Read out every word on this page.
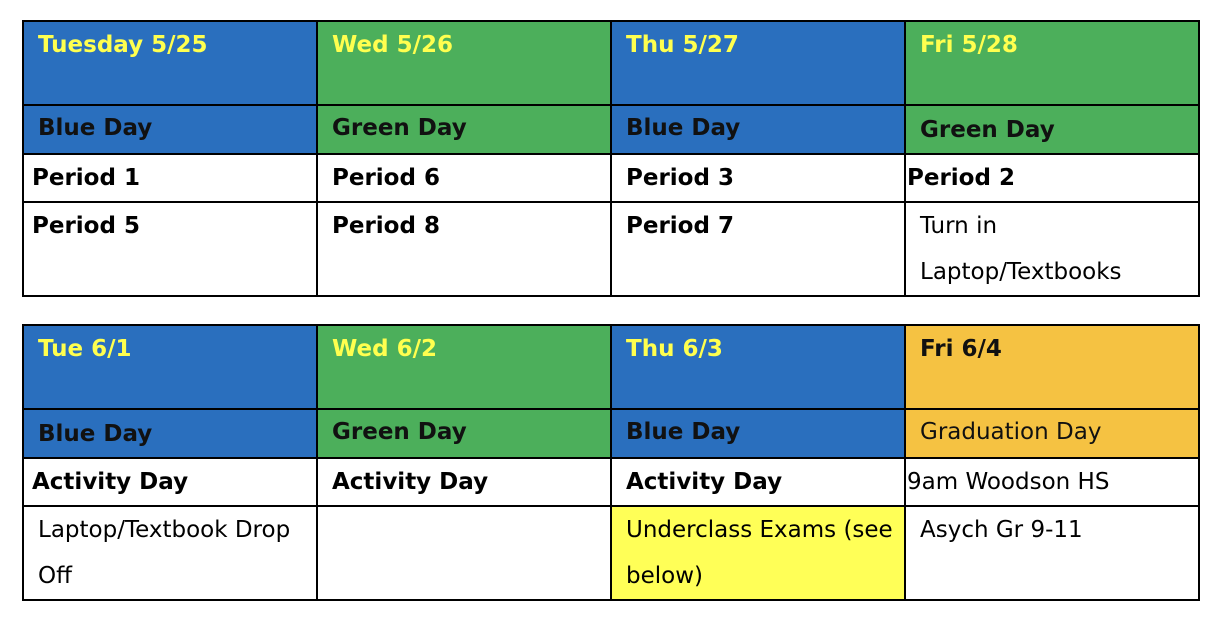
Tuesday 5/25	Wed 5/26	Thu 5/27	Fri 5/28

Blue Day	Green Day	Blue Day	Green Day

Period 1	Period 6	Period 3	Period 2

Period 5	Period 8	Period 7	Turn in Laptop/Textbooks
Tue 6/1	Wed 6/2	Thu 6/3	Fri 6/4

Blue Day	Green Day	Blue Day	Graduation Day

Activity Day	Activity Day	Activity Day	9am Woodson HS

Laptop/Textbook Drop Off		Underclass Exams (see below)	Asych Gr 9-11
